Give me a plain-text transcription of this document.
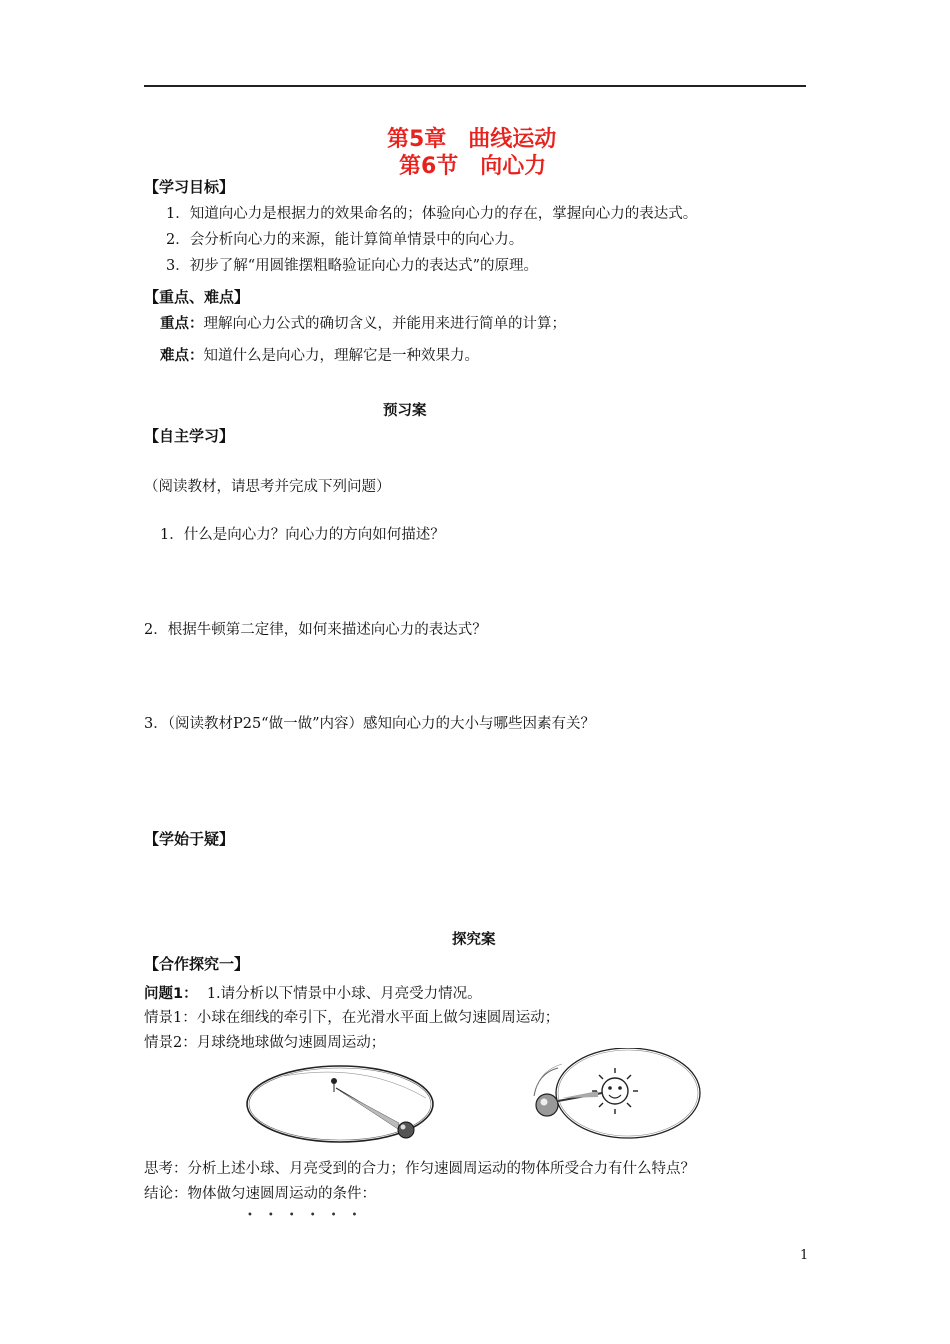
第5章　曲线运动
第6节　向心力
【学习目标】
1．知道向心力是根据力的效果命名的；体验向心力的存在，掌握向心力的表达式。
2．会分析向心力的来源，能计算简单情景中的向心力。
3．初步了解“用圆锥摆粗略验证向心力的表达式”的原理。
【重点、难点】
重点：理解向心力公式的确切含义，并能用来进行简单的计算；
难点：知道什么是向心力，理解它是一种效果力。
预习案
【自主学习】
（阅读教材，请思考并完成下列问题）
1．什么是向心力？向心力的方向如何描述？
2．根据牛顿第二定律，如何来描述向心力的表达式？
3．（阅读教材P25“做一做”内容）感知向心力的大小与哪些因素有关？
【学始于疑】
探究案
【合作探究一】
问题1： 1.请分析以下情景中小球、月亮受力情况。
情景1：小球在细线的牵引下，在光滑水平面上做匀速圆周运动；
情景2：月球绕地球做匀速圆周运动；
思考：分析上述小球、月亮受到的合力；作匀速圆周运动的物体所受合力有什么特点？
结论：物体做匀速圆周运动的条件：
••••••
1
